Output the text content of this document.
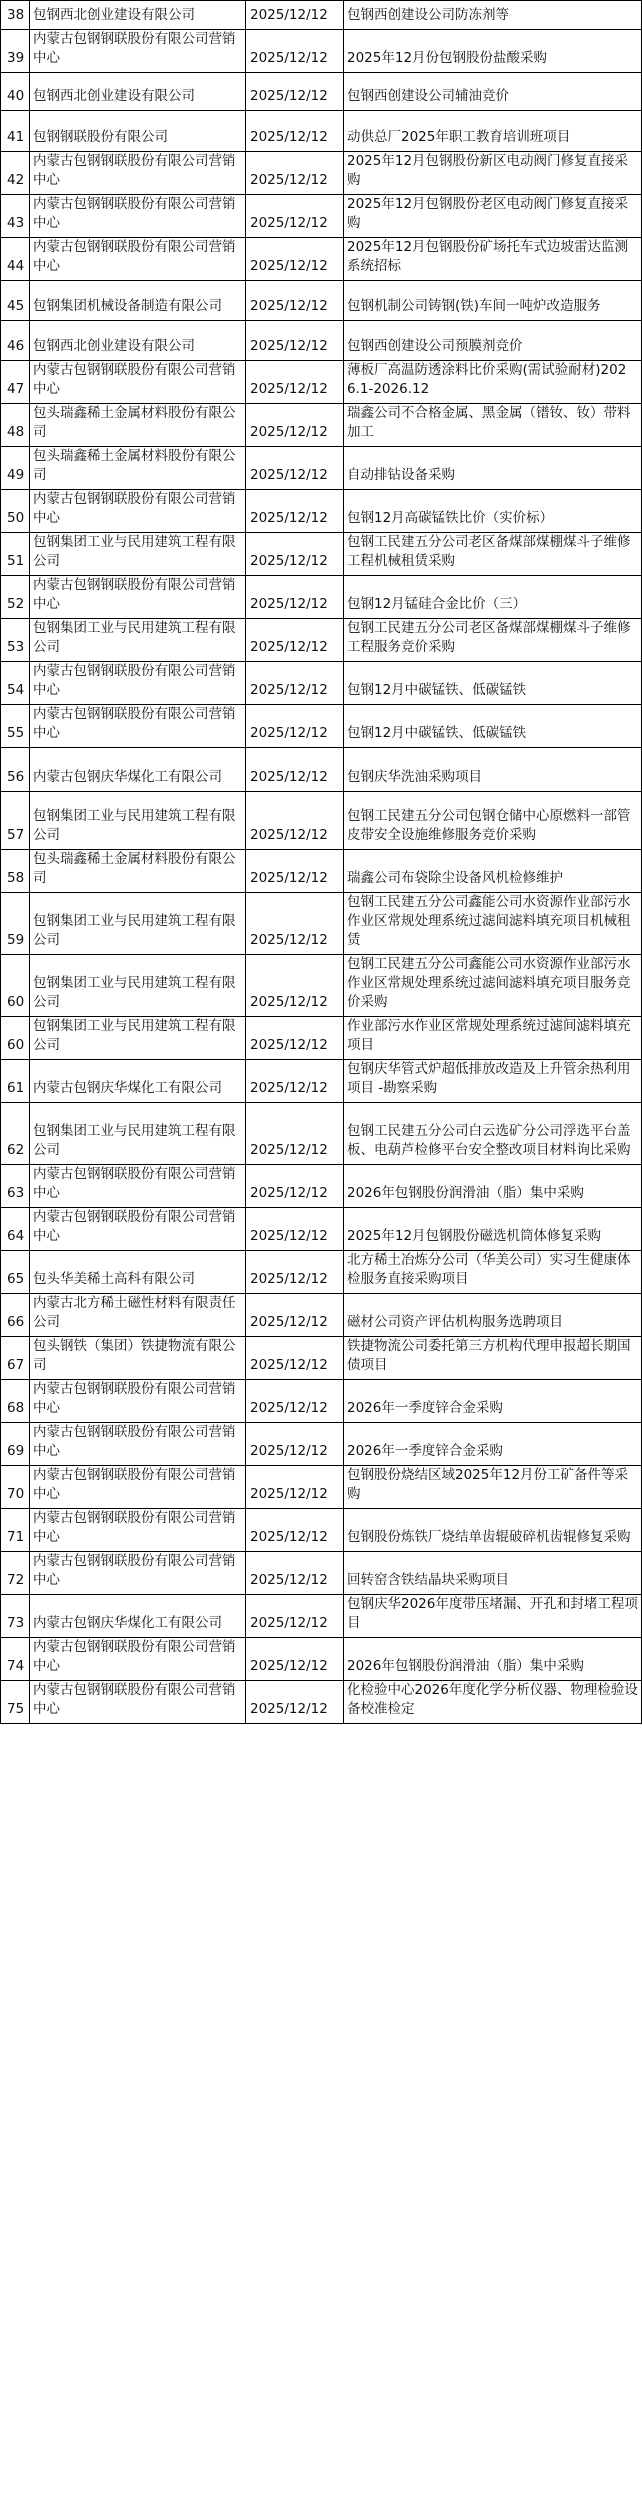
38	包钢西北创业建设有限公司	2025/12/12	包钢西创建设公司防冻剂等
39	内蒙古包钢钢联股份有限公司营销中心	2025/12/12	2025年12月份包钢股份盐酸采购
40	包钢西北创业建设有限公司	2025/12/12	包钢西创建设公司辅油竞价
41	包钢钢联股份有限公司	2025/12/12	动供总厂2025年职工教育培训班项目
42	内蒙古包钢钢联股份有限公司营销中心	2025/12/12	2025年12月包钢股份新区电动阀门修复直接采购
43	内蒙古包钢钢联股份有限公司营销中心	2025/12/12	2025年12月包钢股份老区电动阀门修复直接采购
44	内蒙古包钢钢联股份有限公司营销中心	2025/12/12	2025年12月包钢股份矿场托车式边坡雷达监测系统招标
45	包钢集团机械设备制造有限公司	2025/12/12	包钢机制公司铸钢(铁)车间一吨炉改造服务
46	包钢西北创业建设有限公司	2025/12/12	包钢西创建设公司预膜剂竞价
47	内蒙古包钢钢联股份有限公司营销中心	2025/12/12	薄板厂高温防透涂料比价采购(需试验耐材)2026.1-2026.12
48	包头瑞鑫稀土金属材料股份有限公司	2025/12/12	瑞鑫公司不合格金属、黑金属（镨钕、钕）带料加工
49	包头瑞鑫稀土金属材料股份有限公司	2025/12/12	自动排钻设备采购
50	内蒙古包钢钢联股份有限公司营销中心	2025/12/12	包钢12月高碳锰铁比价（实价标）
51	包钢集团工业与民用建筑工程有限公司	2025/12/12	包钢工民建五分公司老区备煤部煤棚煤斗子维修工程机械租赁采购
52	内蒙古包钢钢联股份有限公司营销中心	2025/12/12	包钢12月锰硅合金比价（三）
53	包钢集团工业与民用建筑工程有限公司	2025/12/12	包钢工民建五分公司老区备煤部煤棚煤斗子维修工程服务竞价采购
54	内蒙古包钢钢联股份有限公司营销中心	2025/12/12	包钢12月中碳锰铁、低碳锰铁
55	内蒙古包钢钢联股份有限公司营销中心	2025/12/12	包钢12月中碳锰铁、低碳锰铁
56	内蒙古包钢庆华煤化工有限公司	2025/12/12	包钢庆华洗油采购项目
57	包钢集团工业与民用建筑工程有限公司	2025/12/12	包钢工民建五分公司包钢仓储中心原燃料一部管皮带安全设施维修服务竞价采购
58	包头瑞鑫稀土金属材料股份有限公司	2025/12/12	瑞鑫公司布袋除尘设备风机检修维护
59	包钢集团工业与民用建筑工程有限公司	2025/12/12	包钢工民建五分公司鑫能公司水资源作业部污水作业区常规处理系统过滤间滤料填充项目机械租赁
60	包钢集团工业与民用建筑工程有限公司	2025/12/12	包钢工民建五分公司鑫能公司水资源作业部污水作业区常规处理系统过滤间滤料填充项目服务竞价采购
60	包钢集团工业与民用建筑工程有限公司	2025/12/12	作业部污水作业区常规处理系统过滤间滤料填充项目
61	内蒙古包钢庆华煤化工有限公司	2025/12/12	包钢庆华管式炉超低排放改造及上升管余热利用项目 -勘察采购
62	包钢集团工业与民用建筑工程有限公司	2025/12/12	包钢工民建五分公司白云选矿分公司浮选平台盖板、电葫芦检修平台安全整改项目材料询比采购
63	内蒙古包钢钢联股份有限公司营销中心	2025/12/12	2026年包钢股份润滑油（脂）集中采购
64	内蒙古包钢钢联股份有限公司营销中心	2025/12/12	2025年12月包钢股份磁选机筒体修复采购
65	包头华美稀土高科有限公司	2025/12/12	北方稀土冶炼分公司（华美公司）实习生健康体检服务直接采购项目
66	内蒙古北方稀土磁性材料有限责任公司	2025/12/12	磁材公司资产评估机构服务选聘项目
67	包头钢铁（集团）铁捷物流有限公司	2025/12/12	铁捷物流公司委托第三方机构代理申报超长期国债项目
68	内蒙古包钢钢联股份有限公司营销中心	2025/12/12	2026年一季度锌合金采购
69	内蒙古包钢钢联股份有限公司营销中心	2025/12/12	2026年一季度锌合金采购
70	内蒙古包钢钢联股份有限公司营销中心	2025/12/12	包钢股份烧结区域2025年12月份工矿备件等采购
71	内蒙古包钢钢联股份有限公司营销中心	2025/12/12	包钢股份炼铁厂烧结单齿辊破碎机齿辊修复采购
72	内蒙古包钢钢联股份有限公司营销中心	2025/12/12	回转窑含铁结晶块采购项目
73	内蒙古包钢庆华煤化工有限公司	2025/12/12	包钢庆华2026年度带压堵漏、开孔和封堵工程项目
74	内蒙古包钢钢联股份有限公司营销中心	2025/12/12	2026年包钢股份润滑油（脂）集中采购
75	内蒙古包钢钢联股份有限公司营销中心	2025/12/12	化检验中心2026年度化学分析仪器、物理检验设备校准检定
